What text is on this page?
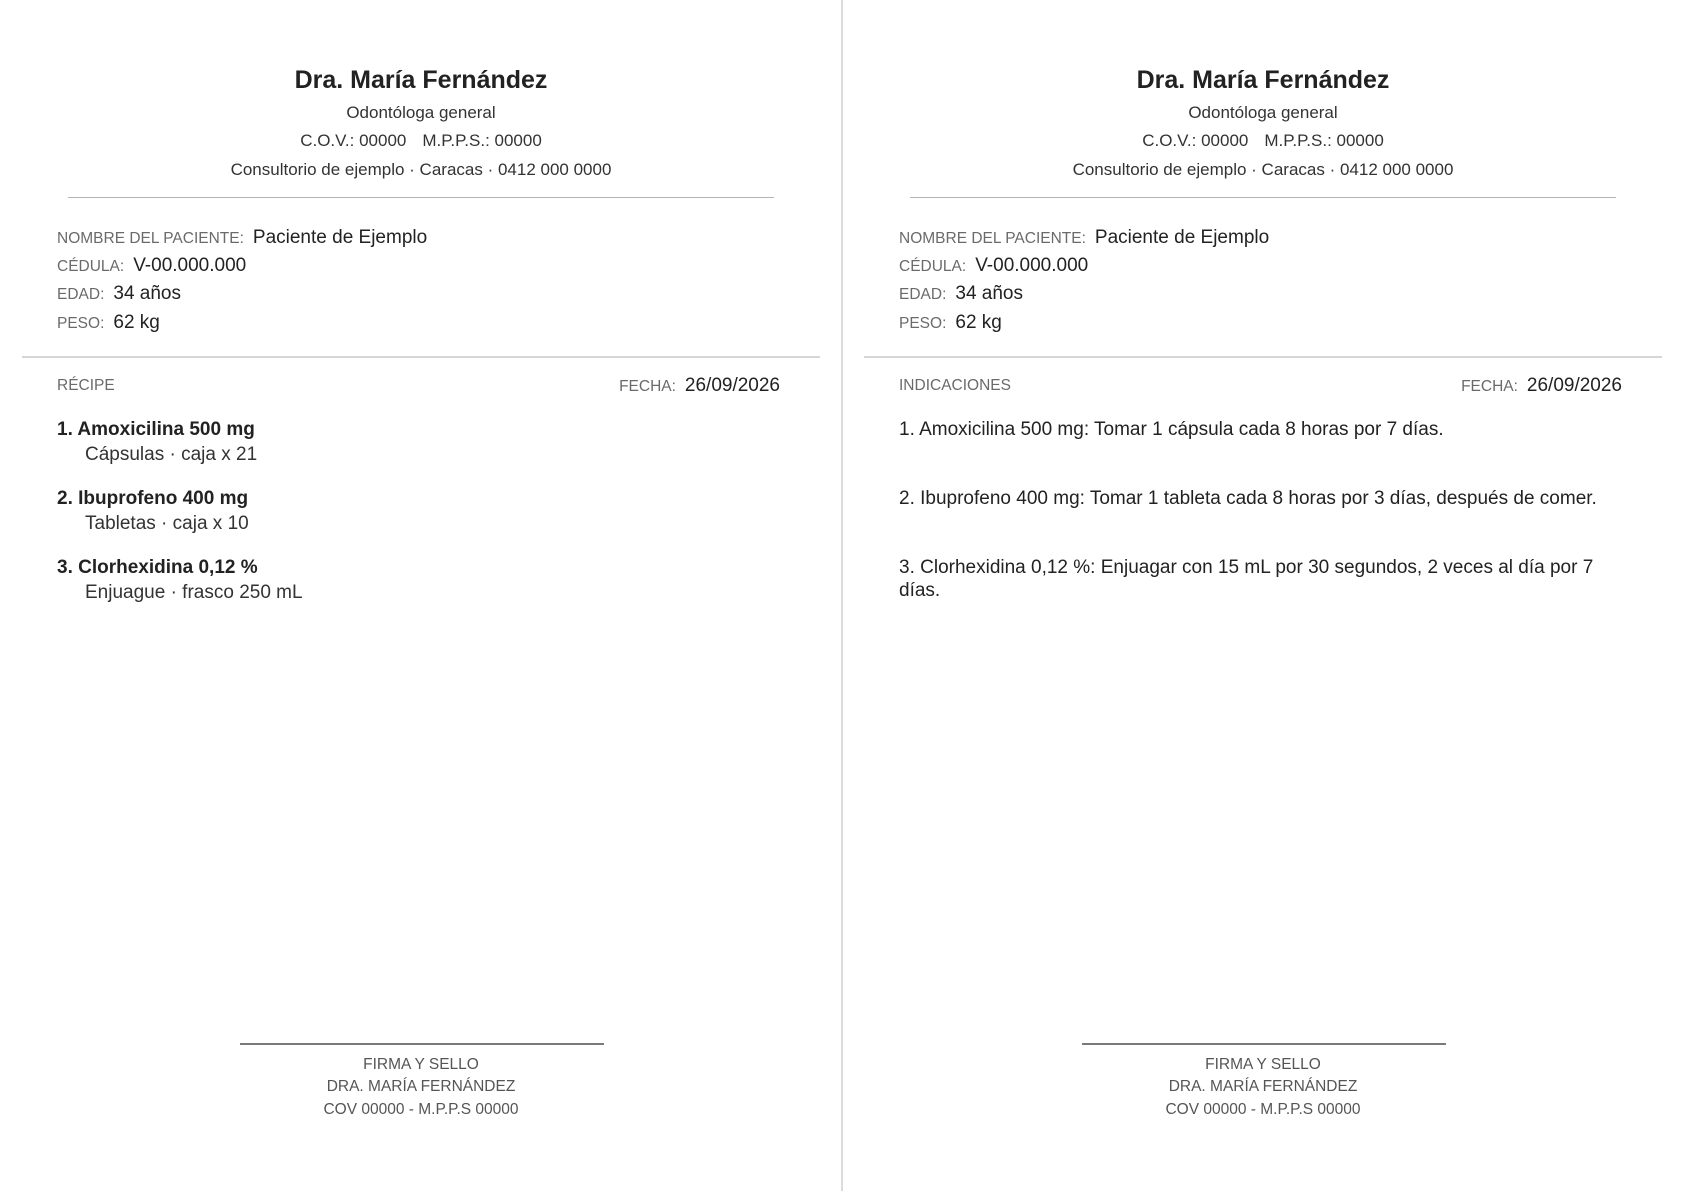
Dra. María Fernández
Odontóloga general
C.O.V.: 00000 M.P.P.S.: 00000
Consultorio de ejemplo · Caracas · 0412 000 0000
NOMBRE DEL PACIENTE: Paciente de Ejemplo
CÉDULA: V-00.000.000
EDAD: 34 años
PESO: 62 kg
RÉCIPE	FECHA: 26/09/2026
1. Amoxicilina 500 mg
Cápsulas · caja x 21
2. Ibuprofeno 400 mg
Tabletas · caja x 10
3. Clorhexidina 0,12 %
Enjuague · frasco 250 mL
FIRMA Y SELLO
DRA. MARÍA FERNÁNDEZ
COV 00000 - M.P.P.S 00000
Dra. María Fernández
Odontóloga general
C.O.V.: 00000 M.P.P.S.: 00000
Consultorio de ejemplo · Caracas · 0412 000 0000
NOMBRE DEL PACIENTE: Paciente de Ejemplo
CÉDULA: V-00.000.000
EDAD: 34 años
PESO: 62 kg
INDICACIONES	FECHA: 26/09/2026
1. Amoxicilina 500 mg: Tomar 1 cápsula cada 8 horas por 7 días.
2. Ibuprofeno 400 mg: Tomar 1 tableta cada 8 horas por 3 días, después de comer.
3. Clorhexidina 0,12 %: Enjuagar con 15 mL por 30 segundos, 2 veces al día por 7 días.
FIRMA Y SELLO
DRA. MARÍA FERNÁNDEZ
COV 00000 - M.P.P.S 00000
